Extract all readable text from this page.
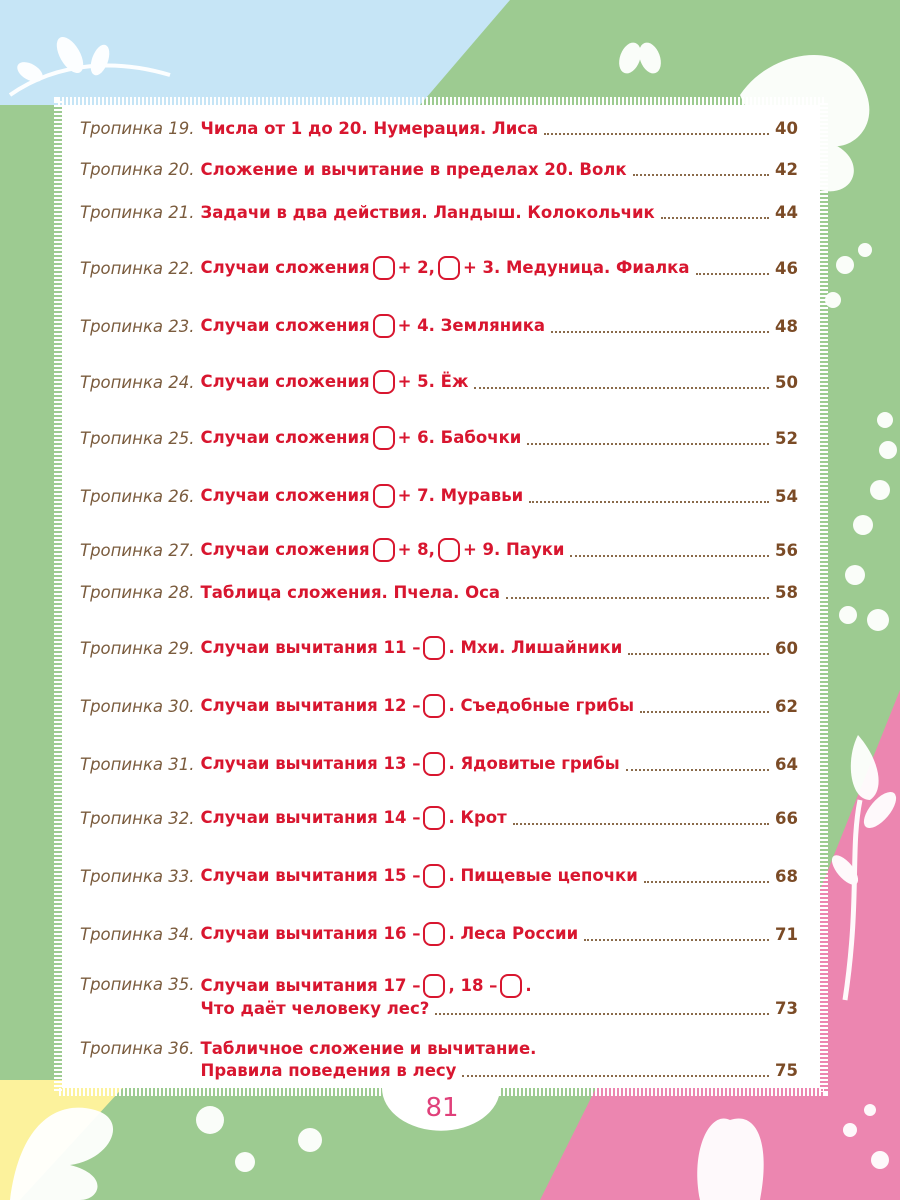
Тропинка 19. Числа от 1 до 20. Нумерация. Лиса	40
Тропинка 20. Сложение и вычитание в пределах 20. Волк	42
Тропинка 21. Задачи в два действия. Ландыш. Колокольчик	44
Тропинка 22. Случаи сложения + 2, + 3. Медуница. Фиалка	46
Тропинка 23. Случаи сложения + 4. Земляника	48
Тропинка 24. Случаи сложения + 5. Ёж	50
Тропинка 25. Случаи сложения + 6. Бабочки	52
Тропинка 26. Случаи сложения + 7. Муравьи	54
Тропинка 27. Случаи сложения + 8, + 9. Пауки	56
Тропинка 28. Таблица сложения. Пчела. Оса	58
Тропинка 29. Случаи вычитания 11 – . Мхи. Лишайники	60
Тропинка 30. Случаи вычитания 12 – . Съедобные грибы	62
Тропинка 31. Случаи вычитания 13 – . Ядовитые грибы	64
Тропинка 32. Случаи вычитания 14 – . Крот	66
Тропинка 33. Случаи вычитания 15 – . Пищевые цепочки	68
Тропинка 34. Случаи вычитания 16 – . Леса России	71
Тропинка 35. Случаи вычитания 17 – , 18 – .
Что даёт человеку лес?	73
Тропинка 36. Табличное сложение и вычитание.
Правила поведения в лесу	75
81
